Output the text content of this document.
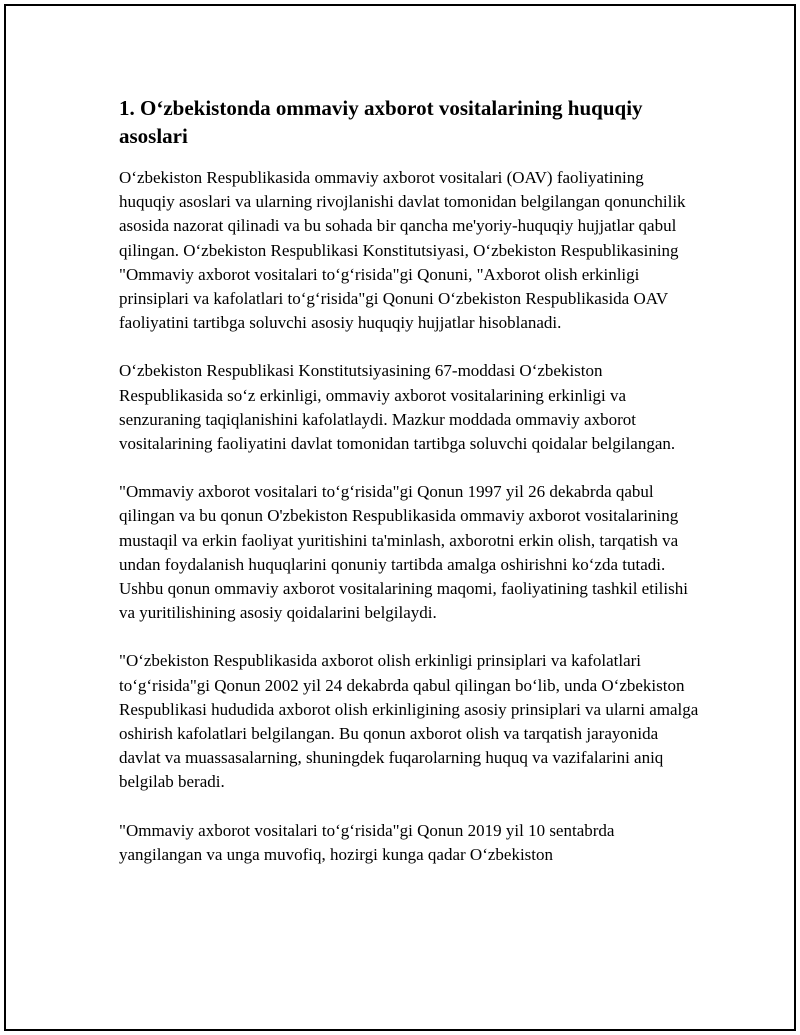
1. O‘zbekistonda ommaviy axborot vositalarining huquqiy asoslari

O‘zbekiston Respublikasida ommaviy axborot vositalari (OAV) faoliyatining huquqiy asoslari va ularning rivojlanishi davlat tomonidan belgilangan qonunchilik asosida nazorat qilinadi va bu sohada bir qancha me'yoriy-huquqiy hujjatlar qabul qilingan. O‘zbekiston Respublikasi Konstitutsiyasi, O‘zbekiston Respublikasining "Ommaviy axborot vositalari to‘g‘risida"gi Qonuni, "Axborot olish erkinligi prinsiplari va kafolatlari to‘g‘risida"gi Qonuni O‘zbekiston Respublikasida OAV faoliyatini tartibga soluvchi asosiy huquqiy hujjatlar hisoblanadi.

O‘zbekiston Respublikasi Konstitutsiyasining 67-moddasi O‘zbekiston Respublikasida so‘z erkinligi, ommaviy axborot vositalarining erkinligi va senzuraning taqiqlanishini kafolatlaydi. Mazkur moddada ommaviy axborot vositalarining faoliyatini davlat tomonidan tartibga soluvchi qoidalar belgilangan.

"Ommaviy axborot vositalari to‘g‘risida"gi Qonun 1997 yil 26 dekabrda qabul qilingan va bu qonun O'zbekiston Respublikasida ommaviy axborot vositalarining mustaqil va erkin faoliyat yuritishini ta'minlash, axborotni erkin olish, tarqatish va undan foydalanish huquqlarini qonuniy tartibda amalga oshirishni ko‘zda tutadi. Ushbu qonun ommaviy axborot vositalarining maqomi, faoliyatining tashkil etilishi va yuritilishining asosiy qoidalarini belgilaydi.

"O‘zbekiston Respublikasida axborot olish erkinligi prinsiplari va kafolatlari to‘g‘risida"gi Qonun 2002 yil 24 dekabrda qabul qilingan bo‘lib, unda O‘zbekiston Respublikasi hududida axborot olish erkinligining asosiy prinsiplari va ularni amalga oshirish kafolatlari belgilangan. Bu qonun axborot olish va tarqatish jarayonida davlat va muassasalarning, shuningdek fuqarolarning huquq va vazifalarini aniq belgilab beradi.

"Ommaviy axborot vositalari to‘g‘risida"gi Qonun 2019 yil 10 sentabrda yangilangan va unga muvofiq, hozirgi kunga qadar O‘zbekiston
